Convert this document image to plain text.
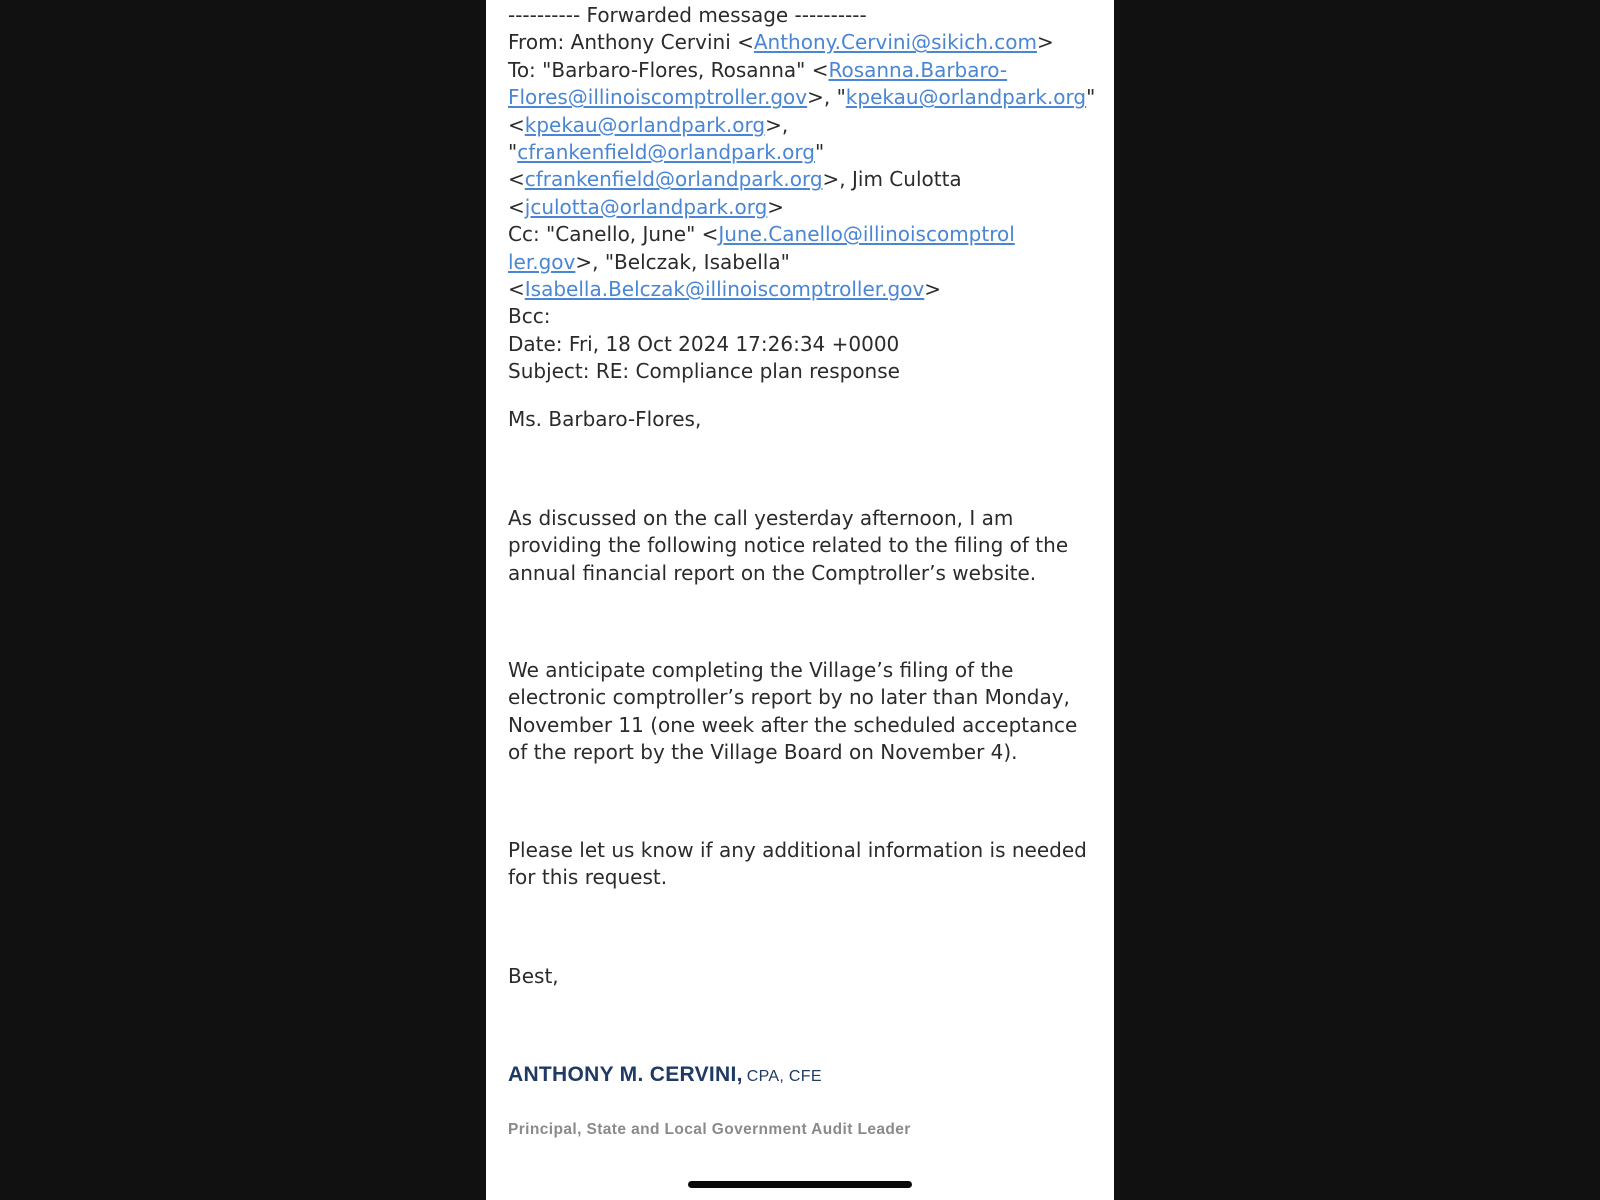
---------- Forwarded message ----------
From: Anthony Cervini <Anthony.Cervini@sikich.com>
To: "Barbaro-Flores, Rosanna" <Rosanna.Barbaro-
Flores@illinoiscomptroller.gov>, "kpekau@orlandpark.org"
<kpekau@orlandpark.org>,
"cfrankenfield@orlandpark.org"
<cfrankenfield@orlandpark.org>, Jim Culotta
<jculotta@orlandpark.org>
Cc: "Canello, June" <June.Canello@illinoiscomptrol
ler.gov>, "Belczak, Isabella"
<Isabella.Belczak@illinoiscomptroller.gov>
Bcc:
Date: Fri, 18 Oct 2024 17:26:34 +0000
Subject: RE: Compliance plan response
Ms. Barbaro-Flores,
As discussed on the call yesterday afternoon, I am
providing the following notice related to the filing of the
annual financial report on the Comptroller’s website.
We anticipate completing the Village’s filing of the
electronic comptroller’s report by no later than Monday,
November 11 (one week after the scheduled acceptance
of the report by the Village Board on November 4).
Please let us know if any additional information is needed
for this request.
Best,
ANTHONY M. CERVINI, CPA, CFE
Principal, State and Local Government Audit Leader
